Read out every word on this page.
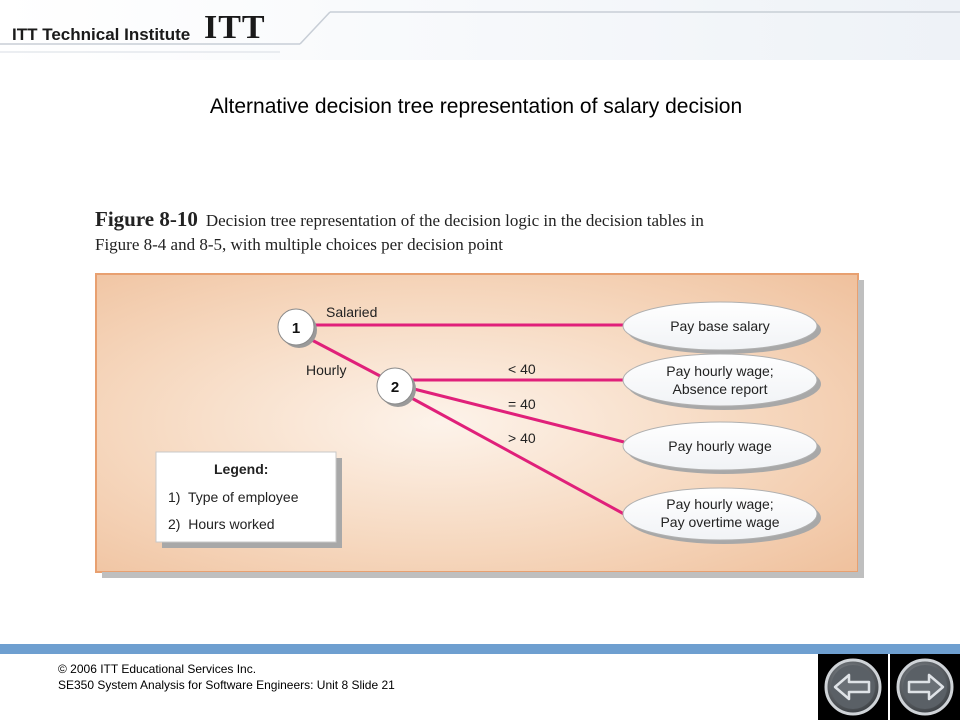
ITT Technical Institute ITT
Alternative decision tree representation of salary decision
Figure 8-10 Decision tree representation of the decision logic in the decision tables in
Figure 8-4 and 8-5, with multiple choices per decision point
1
2
Salaried
Hourly	< 40
= 40
> 40
Pay base salary
Pay hourly wage;
Absence report
Pay hourly wage
Pay hourly wage;
Pay overtime wage
Legend:
1)  Type of employee
2)  Hours worked
© 2006 ITT Educational Services Inc.
SE350 System Analysis for Software Engineers: Unit 8 Slide 21
